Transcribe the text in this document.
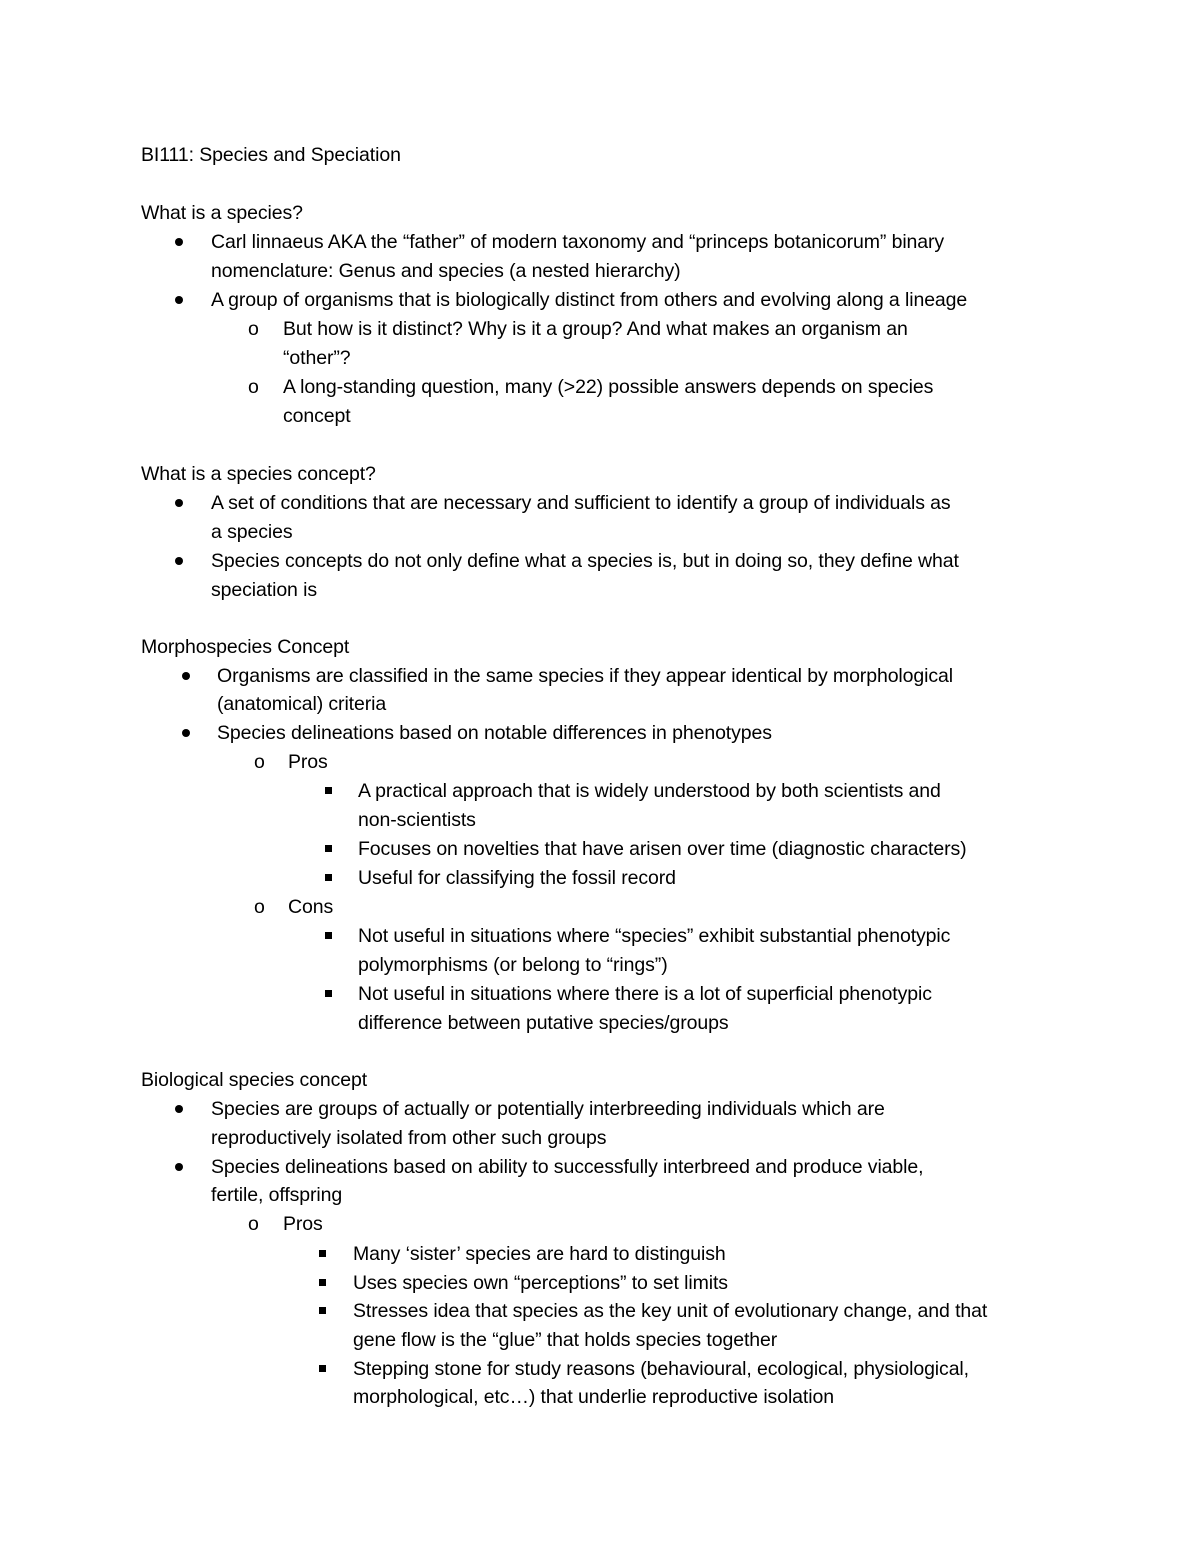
BI111: Species and Speciation
What is a species?
Carl linnaeus AKA the “father” of modern taxonomy and “princeps botanicorum” binary
nomenclature: Genus and species (a nested hierarchy)
A group of organisms that is biologically distinct from others and evolving along a lineage
o But how is it distinct? Why is it a group? And what makes an organism an
“other”?
o A long-standing question, many (>22) possible answers depends on species
concept
What is a species concept?
A set of conditions that are necessary and sufficient to identify a group of individuals as
a species
Species concepts do not only define what a species is, but in doing so, they define what
speciation is
Morphospecies Concept
Organisms are classified in the same species if they appear identical by morphological
(anatomical) criteria
Species delineations based on notable differences in phenotypes
o Pros
A practical approach that is widely understood by both scientists and
non-scientists
Focuses on novelties that have arisen over time (diagnostic characters)
Useful for classifying the fossil record
o Cons
Not useful in situations where “species” exhibit substantial phenotypic
polymorphisms (or belong to “rings”)
Not useful in situations where there is a lot of superficial phenotypic
difference between putative species/groups
Biological species concept
Species are groups of actually or potentially interbreeding individuals which are
reproductively isolated from other such groups
Species delineations based on ability to successfully interbreed and produce viable,
fertile, offspring
o Pros
Many ‘sister’ species are hard to distinguish
Uses species own “perceptions” to set limits
Stresses idea that species as the key unit of evolutionary change, and that
gene flow is the “glue” that holds species together
Stepping stone for study reasons (behavioural, ecological, physiological,
morphological, etc…) that underlie reproductive isolation
